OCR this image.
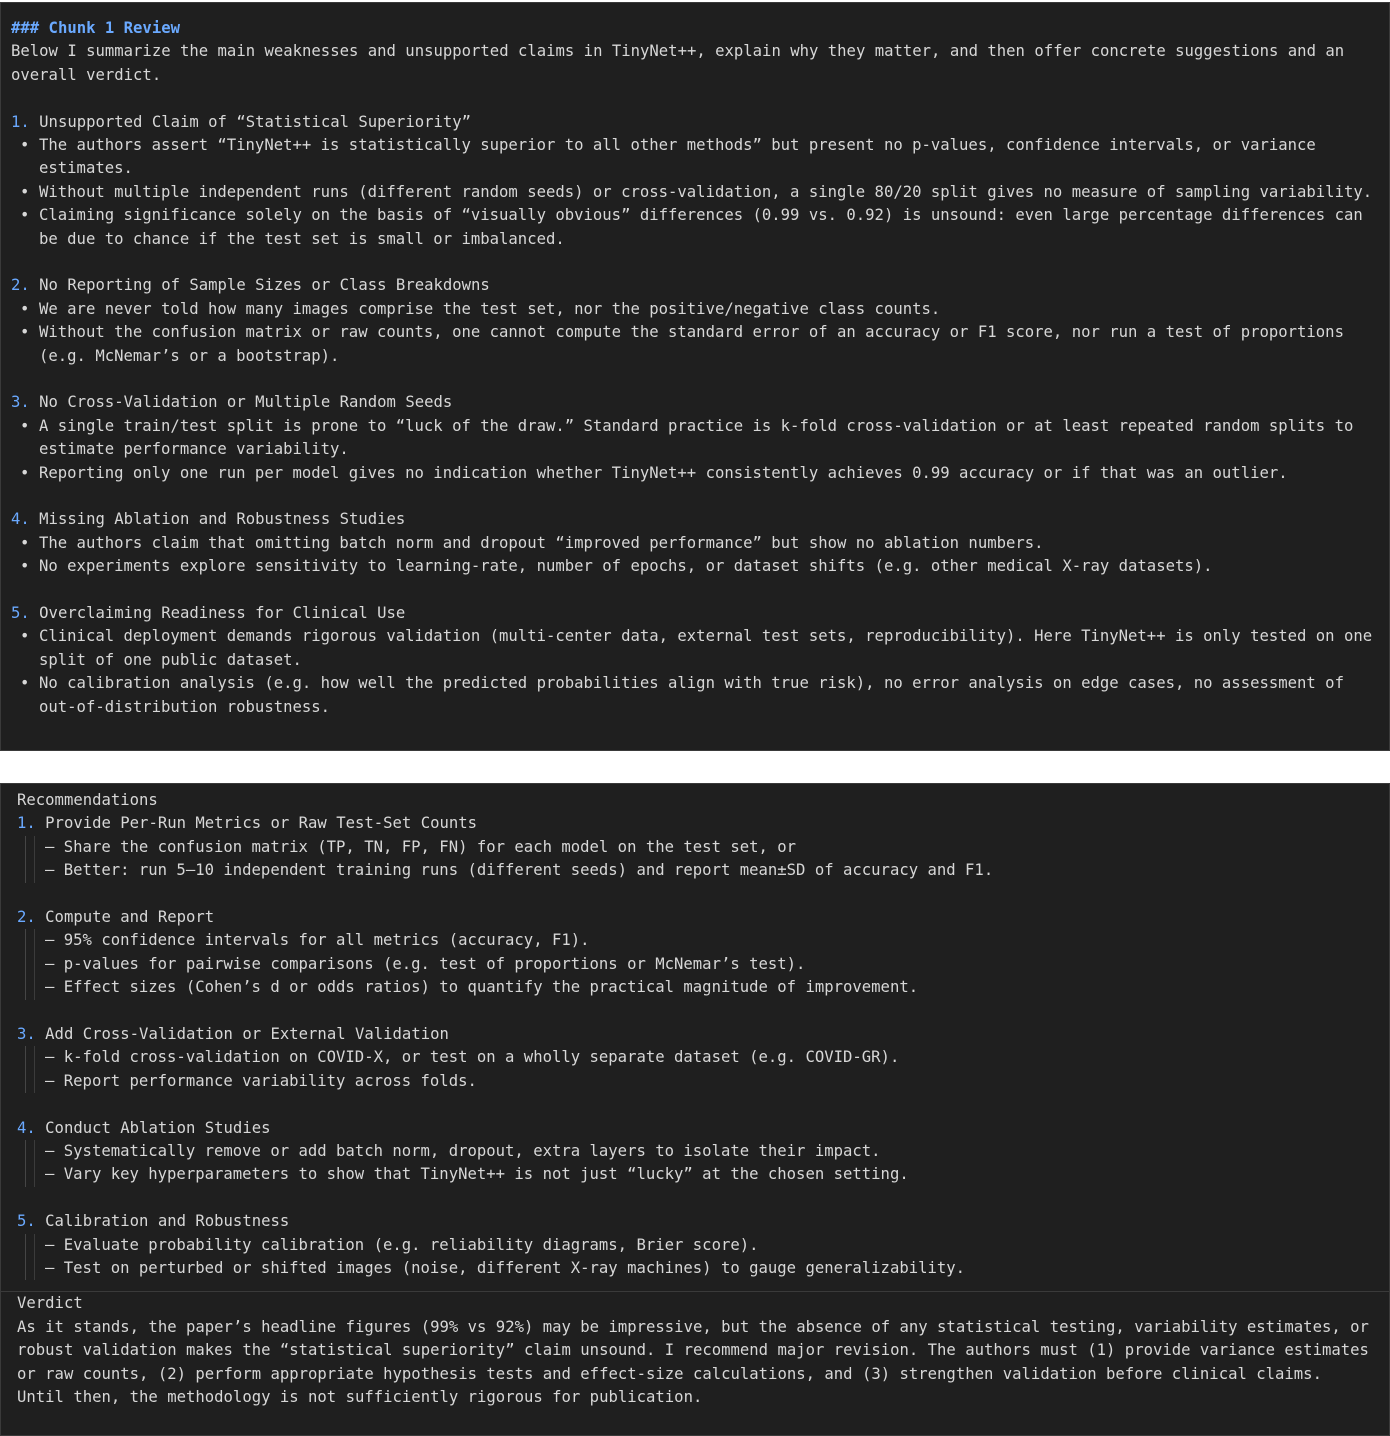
### Chunk 1 Review
Below I summarize the main weaknesses and unsupported claims in TinyNet++, explain why they matter, and then offer concrete suggestions and an overall verdict.
1. Unsupported Claim of “Statistical Superiority”
• The authors assert “TinyNet++ is statistically superior to all other methods” but present no p-values, confidence intervals, or variance estimates.
• Without multiple independent runs (different random seeds) or cross-validation, a single 80/20 split gives no measure of sampling variability.
• Claiming significance solely on the basis of “visually obvious” differences (0.99 vs. 0.92) is unsound: even large percentage differences can be due to chance if the test set is small or imbalanced.
2. No Reporting of Sample Sizes or Class Breakdowns
• We are never told how many images comprise the test set, nor the positive/negative class counts.
• Without the confusion matrix or raw counts, one cannot compute the standard error of an accuracy or F1 score, nor run a test of proportions (e.g. McNemar’s or a bootstrap).
3. No Cross-Validation or Multiple Random Seeds
• A single train/test split is prone to “luck of the draw.” Standard practice is k-fold cross-validation or at least repeated random splits to estimate performance variability.
• Reporting only one run per model gives no indication whether TinyNet++ consistently achieves 0.99 accuracy or if that was an outlier.
4. Missing Ablation and Robustness Studies
• The authors claim that omitting batch norm and dropout “improved performance” but show no ablation numbers.
• No experiments explore sensitivity to learning-rate, number of epochs, or dataset shifts (e.g. other medical X-ray datasets).
5. Overclaiming Readiness for Clinical Use
• Clinical deployment demands rigorous validation (multi-center data, external test sets, reproducibility). Here TinyNet++ is only tested on one split of one public dataset.
• No calibration analysis (e.g. how well the predicted probabilities align with true risk), no error analysis on edge cases, no assessment of out-of-distribution robustness.
Recommendations
1. Provide Per-Run Metrics or Raw Test-Set Counts
– Share the confusion matrix (TP, TN, FP, FN) for each model on the test set, or
– Better: run 5–10 independent training runs (different seeds) and report mean±SD of accuracy and F1.
2. Compute and Report
– 95% confidence intervals for all metrics (accuracy, F1).
– p-values for pairwise comparisons (e.g. test of proportions or McNemar’s test).
– Effect sizes (Cohen’s d or odds ratios) to quantify the practical magnitude of improvement.
3. Add Cross-Validation or External Validation
– k-fold cross-validation on COVID-X, or test on a wholly separate dataset (e.g. COVID-GR).
– Report performance variability across folds.
4. Conduct Ablation Studies
– Systematically remove or add batch norm, dropout, extra layers to isolate their impact.
– Vary key hyperparameters to show that TinyNet++ is not just “lucky” at the chosen setting.
5. Calibration and Robustness
– Evaluate probability calibration (e.g. reliability diagrams, Brier score).
– Test on perturbed or shifted images (noise, different X-ray machines) to gauge generalizability.
Verdict
As it stands, the paper’s headline figures (99% vs 92%) may be impressive, but the absence of any statistical testing, variability estimates, or robust validation makes the “statistical superiority” claim unsound. I recommend major revision. The authors must (1) provide variance estimates or raw counts, (2) perform appropriate hypothesis tests and effect-size calculations, and (3) strengthen validation before clinical claims. Until then, the methodology is not sufficiently rigorous for publication.
